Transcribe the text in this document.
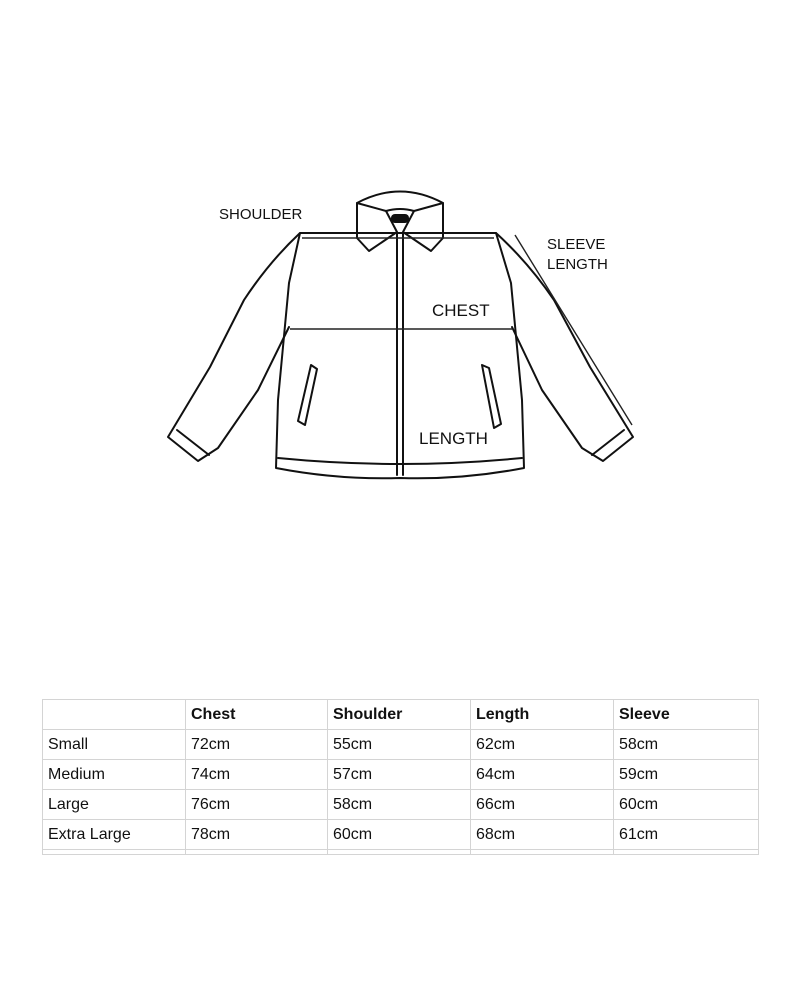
SHOULDER
SLEEVE
LENGTH
CHEST
LENGTH
	Chest	Shoulder	Length	Sleeve
Small	72cm	55cm	62cm	58cm
Medium	74cm	57cm	64cm	59cm
Large	76cm	58cm	66cm	60cm
Extra Large	78cm	60cm	68cm	61cm
